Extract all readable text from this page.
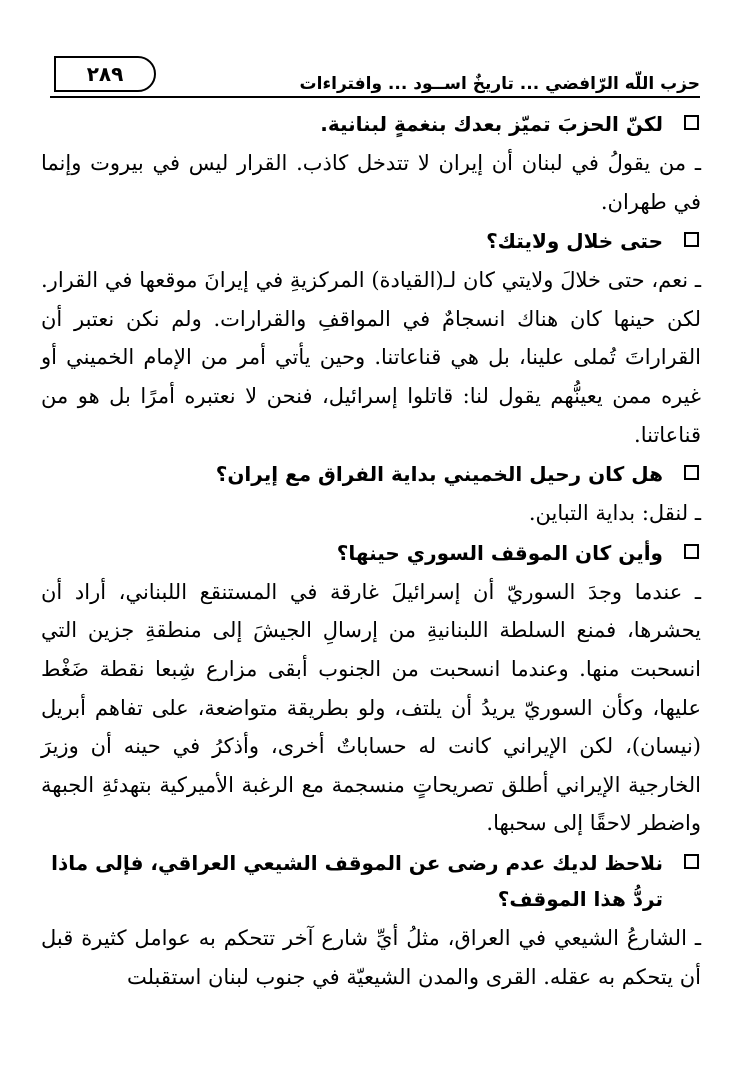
حزب اللّه الرّافضي ... تاريخٌ اســود ... وافتراءات
٢٨٩
لكنّ الحزبَ تميّز بعدك بنغمةٍ لبنانية.
ـ من يقولُ في لبنان أن إيران لا تتدخل كاذب. القرار ليس في بيروت وإنما في طهران.
حتى خلال ولايتك؟
ـ نعم، حتى خلالَ ولايتي كان لـ(القيادة) المركزيةِ في إيرانَ موقعها في القرار. لكن حينها كان هناك انسجامٌ في المواقفِ والقرارات. ولم نكن نعتبر أن القراراتَ تُملى علينا، بل هي قناعاتنا. وحين يأتي أمر من الإمام الخميني أو غيره ممن يعينُّهم يقول لنا: قاتلوا إسرائيل، فنحن لا نعتبره أمرًا بل هو من قناعاتنا.
هل كان رحيل الخميني بداية الفراق مع إيران؟
ـ لنقل: بداية التباين.
وأين كان الموقف السوري حينها؟
ـ عندما وجدَ السوريّ أن إسرائيلَ غارقة في المستنقع اللبناني، أراد أن يحشرها، فمنع السلطة اللبنانيةِ من إرسالِ الجيشَ إلى منطقةِ جزين التي انسحبت منها. وعندما انسحبت من الجنوب أبقى مزارع شِبعا نقطة ضَغْط عليها، وكأن السوريّ يريدُ أن يلتف، ولو بطريقة متواضعة، على تفاهم أبريل (نيسان)، لكن الإيراني كانت له حساباتٌ أخرى، وأذكرُ في حينه أن وزيرَ الخارجية الإيراني أطلق تصريحاتٍ منسجمة مع الرغبة الأميركية بتهدئةِ الجبهة واضطر لاحقًا إلى سحبها.
نلاحظ لديك عدم رضى عن الموقف الشيعي العراقي، فإلى ماذا تردُّ هذا الموقف؟
ـ الشارعُ الشيعي في العراق، مثلُ أيِّ شارع آخر تتحكم به عوامل كثيرة قبل أن يتحكم به عقله. القرى والمدن الشيعيّة في جنوب لبنان استقبلت
